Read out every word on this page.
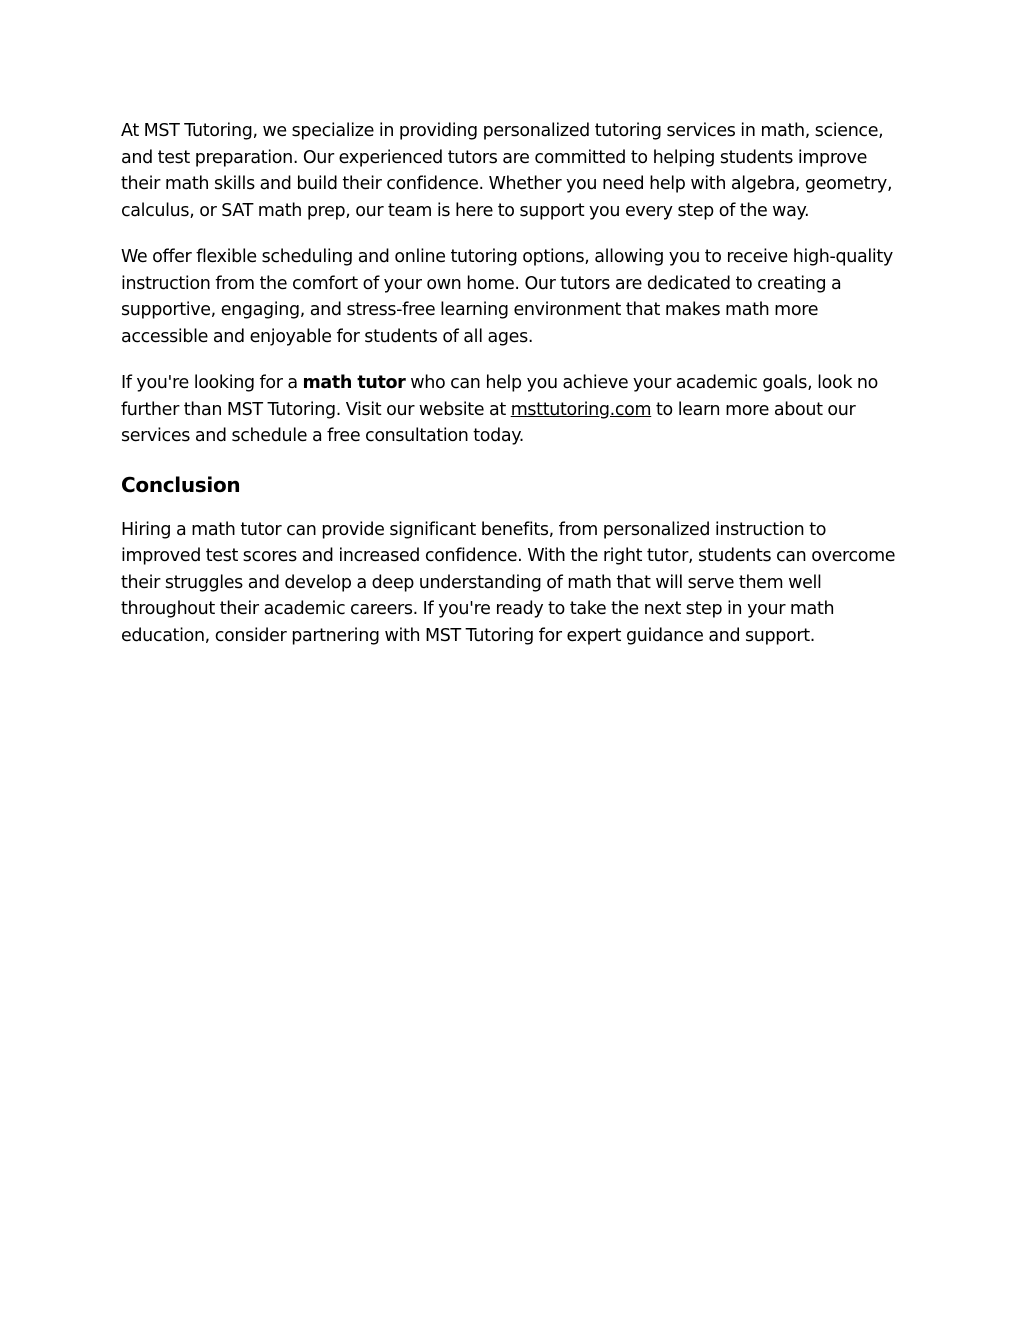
At MST Tutoring, we specialize in providing personalized tutoring services in math, science, and test preparation. Our experienced tutors are committed to helping students improve their math skills and build their confidence. Whether you need help with algebra, geometry, calculus, or SAT math prep, our team is here to support you every step of the way.

We offer flexible scheduling and online tutoring options, allowing you to receive high-quality instruction from the comfort of your own home. Our tutors are dedicated to creating a supportive, engaging, and stress-free learning environment that makes math more accessible and enjoyable for students of all ages.

If you're looking for a math tutor who can help you achieve your academic goals, look no further than MST Tutoring. Visit our website at msttutoring.com to learn more about our services and schedule a free consultation today.

Conclusion

Hiring a math tutor can provide significant benefits, from personalized instruction to improved test scores and increased confidence. With the right tutor, students can overcome their struggles and develop a deep understanding of math that will serve them well throughout their academic careers. If you're ready to take the next step in your math education, consider partnering with MST Tutoring for expert guidance and support.
